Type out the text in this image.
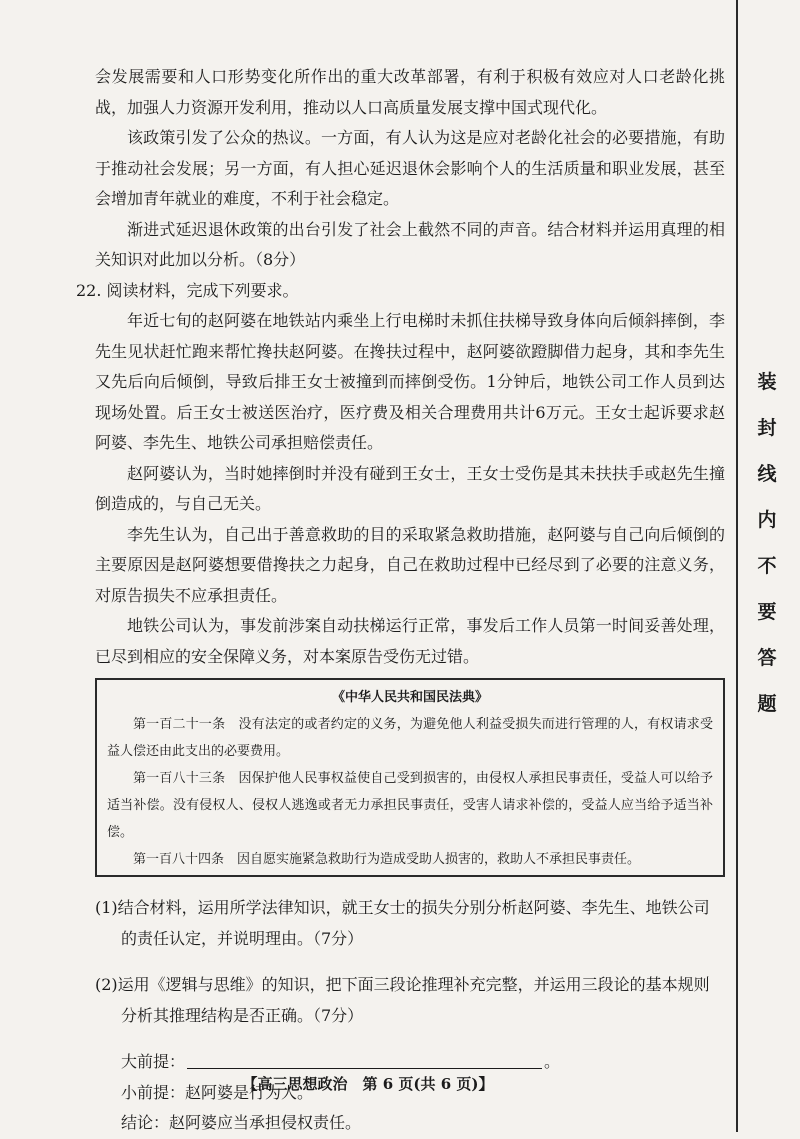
装
封
线
内
不
要
答
题

会发展需要和人口形势变化所作出的重大改革部署，有利于积极有效应对人口老龄化挑战，加强人力资源开发利用，推动以人口高质量发展支撑中国式现代化。

该政策引发了公众的热议。一方面，有人认为这是应对老龄化社会的必要措施，有助于推动社会发展；另一方面，有人担心延迟退休会影响个人的生活质量和职业发展，甚至会增加青年就业的难度，不利于社会稳定。

渐进式延迟退休政策的出台引发了社会上截然不同的声音。结合材料并运用真理的相关知识对此加以分析。（8分）

22. 阅读材料，完成下列要求。

年近七旬的赵阿婆在地铁站内乘坐上行电梯时未抓住扶梯导致身体向后倾斜摔倒，李先生见状赶忙跑来帮忙搀扶赵阿婆。在搀扶过程中，赵阿婆欲蹬脚借力起身，其和李先生又先后向后倾倒，导致后排王女士被撞到而摔倒受伤。1分钟后，地铁公司工作人员到达现场处置。后王女士被送医治疗，医疗费及相关合理费用共计6万元。王女士起诉要求赵阿婆、李先生、地铁公司承担赔偿责任。

赵阿婆认为，当时她摔倒时并没有碰到王女士，王女士受伤是其未扶扶手或赵先生撞倒造成的，与自己无关。

李先生认为，自己出于善意救助的目的采取紧急救助措施，赵阿婆与自己向后倾倒的主要原因是赵阿婆想要借搀扶之力起身，自己在救助过程中已经尽到了必要的注意义务，对原告损失不应承担责任。

地铁公司认为，事发前涉案自动扶梯运行正常，事发后工作人员第一时间妥善处理，已尽到相应的安全保障义务，对本案原告受伤无过错。

《中华人民共和国民法典》

第一百二十一条　没有法定的或者约定的义务，为避免他人利益受损失而进行管理的人，有权请求受益人偿还由此支出的必要费用。

第一百八十三条　因保护他人民事权益使自己受到损害的，由侵权人承担民事责任，受益人可以给予适当补偿。没有侵权人、侵权人逃逸或者无力承担民事责任，受害人请求补偿的，受益人应当给予适当补偿。

第一百八十四条　因自愿实施紧急救助行为造成受助人损害的，救助人不承担民事责任。

(1)结合材料，运用所学法律知识，就王女士的损失分别分析赵阿婆、李先生、地铁公司的责任认定，并说明理由。（7分）

(2)运用《逻辑与思维》的知识，把下面三段论推理补充完整，并运用三段论的基本规则分析其推理结构是否正确。（7分）

大前提：	。

小前提：赵阿婆是行为人。

结论：赵阿婆应当承担侵权责任。

【高三思想政治　第 6 页(共 6 页)】
